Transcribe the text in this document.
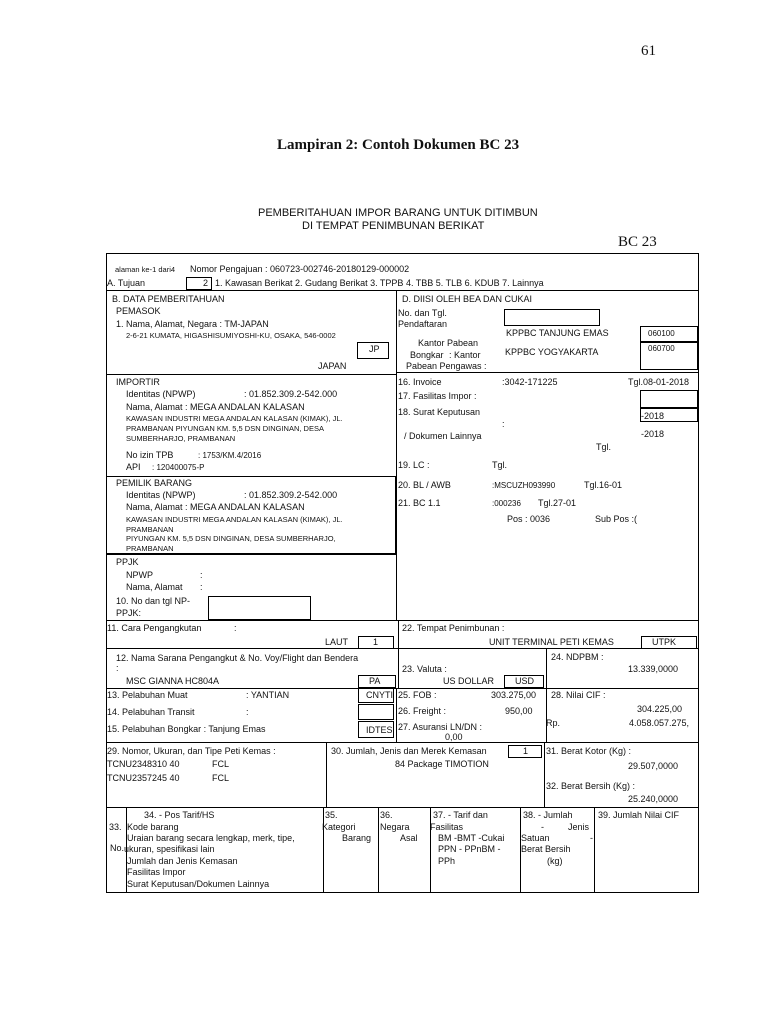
61
Lampiran 2: Contoh Dokumen BC 23
PEMBERITAHUAN IMPOR BARANG UNTUK DITIMBUN
DI TEMPAT PENIMBUNAN BERIKAT
BC 23
alaman ke-1 dari4 Nomor Pengajuan : 060723-002746-20180129-000002
A. Tujuan	2 1. Kawasan Berikat 2. Gudang Berikat 3. TPPB 4. TBB 5. TLB 6. KDUB 7. Lainnya
B. DATA PEMBERITAHUAN
PEMASOK
1. Nama, Alamat, Negara : TM-JAPAN
2-6-21 KUMATA, HIGASHISUMIYOSHI-KU, OSAKA, 546-0002
JP
JAPAN
IMPORTIR
Identitas (NPWP)	: 01.852.309.2-542.000
Nama, Alamat : MEGA ANDALAN KALASAN
KAWASAN INDUSTRI MEGA ANDALAN KALASAN (KIMAK), JL.
PRAMBANAN PIYUNGAN KM. 5,5 DSN DINGINAN, DESA
SUMBERHARJO, PRAMBANAN
No izin TPB	: 1753/KM.4/2016
API : 120400075-P
PEMILIK BARANG
Identitas (NPWP)	: 01.852.309.2-542.000
Nama, Alamat : MEGA ANDALAN KALASAN
KAWASAN INDUSTRI MEGA ANDALAN KALASAN (KIMAK), JL.
PRAMBANAN
PIYUNGAN KM. 5,5 DSN DINGINAN, DESA SUMBERHARJO,
PRAMBANAN
PPJK
NPWP	:
Nama, Alamat :
10. No dan tgl NP-
PPJK:
D. DIISI OLEH BEA DAN CUKAI
No. dan Tgl.
Pendaftaran
KPPBC TANJUNG EMAS	060100
Kantor Pabean
Bongkar : Kantor	KPPBC YOGYAKARTA	060700
Pabean Pengawas :
16. Invoice	:3042-171225	Tgl.08-01-2018
17. Fasilitas Impor :
18. Surat Keputusan
:
-2018
/ Dokumen Lainnya	-2018
Tgl.
19. LC :	Tgl.
20. BL / AWB	:MSCUZH093990	Tgl.16-01
21. BC 1.1	:000236 Tgl.27-01
Pos : 0036	Sub Pos :(
11. Cara Pengangkutan	:
LAUT	1
22. Tempat Penimbunan :
UNIT TERMINAL PETI KEMAS	UTPK
12. Nama Sarana Pengangkut & No. Voy/Flight dan Bendera
:
MSC GIANNA HC804A	PA
23. Valuta :
US DOLLAR USD
24. NDPBM :
13.339,0000
13. Pelabuhan Muat	: YANTIAN	CNYTI
14. Pelabuhan Transit	:
15. Pelabuhan Bongkar : Tanjung Emas	IDTES
25. FOB :	303.275,00
26. Freight :	950,00
27. Asuransi LN/DN :
0,00
28. Nilai CIF :
304.225,00
Rp.	4.058.057.275,
29. Nomor, Ukuran, dan Tipe Peti Kemas :
TCNU2348310 40	FCL
TCNU2357245 40	FCL
30. Jumlah, Jenis dan Merek Kemasan	1
84 Package TIMOTION
31. Berat Kotor (Kg) :
29.507,0000
32. Berat Bersih (Kg) :
25.240,0000
33.
No.
34. - Pos Tarif/HS
Kode barang
Uraian barang secara lengkap, merk, tipe,
ukuran, spesifikasi lain
Jumlah dan Jenis Kemasan
Fasilitas Impor
Surat Keputusan/Dokumen Lainnya
35.
Kategori
Barang
36.
Negara
Asal
37. - Tarif dan
Fasilitas
BM -BMT -Cukai
PPN - PPnBM -
PPh
38. - Jumlah
-	Jenis
Satuan	-
Berat Bersih
(kg)
39. Jumlah Nilai CIF
